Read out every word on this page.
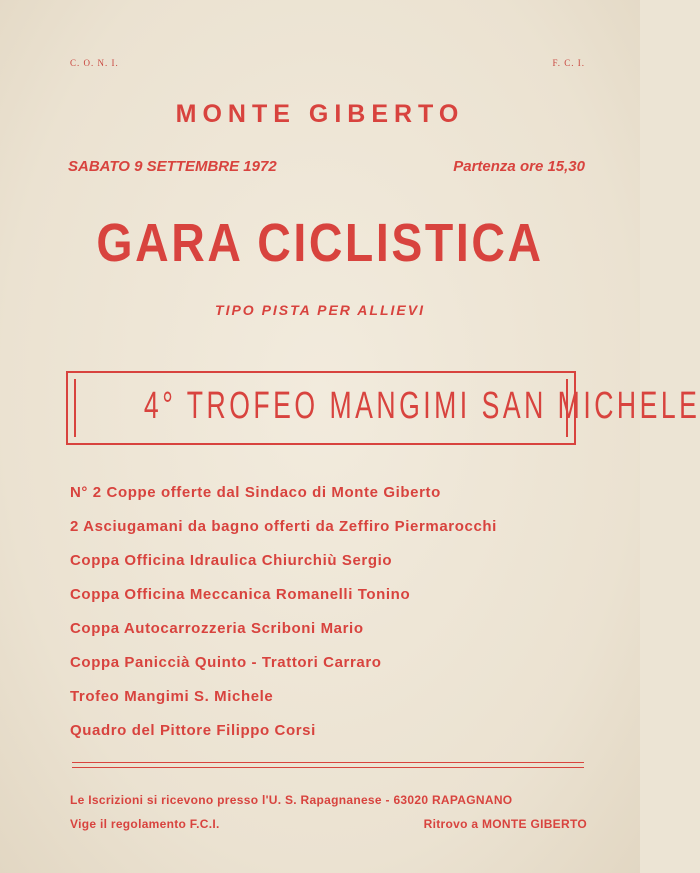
C. O. N. I.	F. C. I.
MONTE GIBERTO
SABATO 9 SETTEMBRE 1972	Partenza ore 15,30
GARA CICLISTICA
TIPO PISTA PER ALLIEVI
4° TROFEO MANGIMI SAN MICHELE
N° 2 Coppe offerte dal Sindaco di Monte Giberto
2 Asciugamani da bagno offerti da Zeffiro Piermarocchi
Coppa Officina Idraulica Chiurchiù Sergio
Coppa Officina Meccanica Romanelli Tonino
Coppa Autocarrozzeria Scriboni Mario
Coppa Paniccià Quinto - Trattori Carraro
Trofeo Mangimi S. Michele
Quadro del Pittore Filippo Corsi
Le Iscrizioni si ricevono presso l'U. S. Rapagnanese - 63020 RAPAGNANO
Vige il regolamento F.C.I.	Ritrovo a MONTE GIBERTO
